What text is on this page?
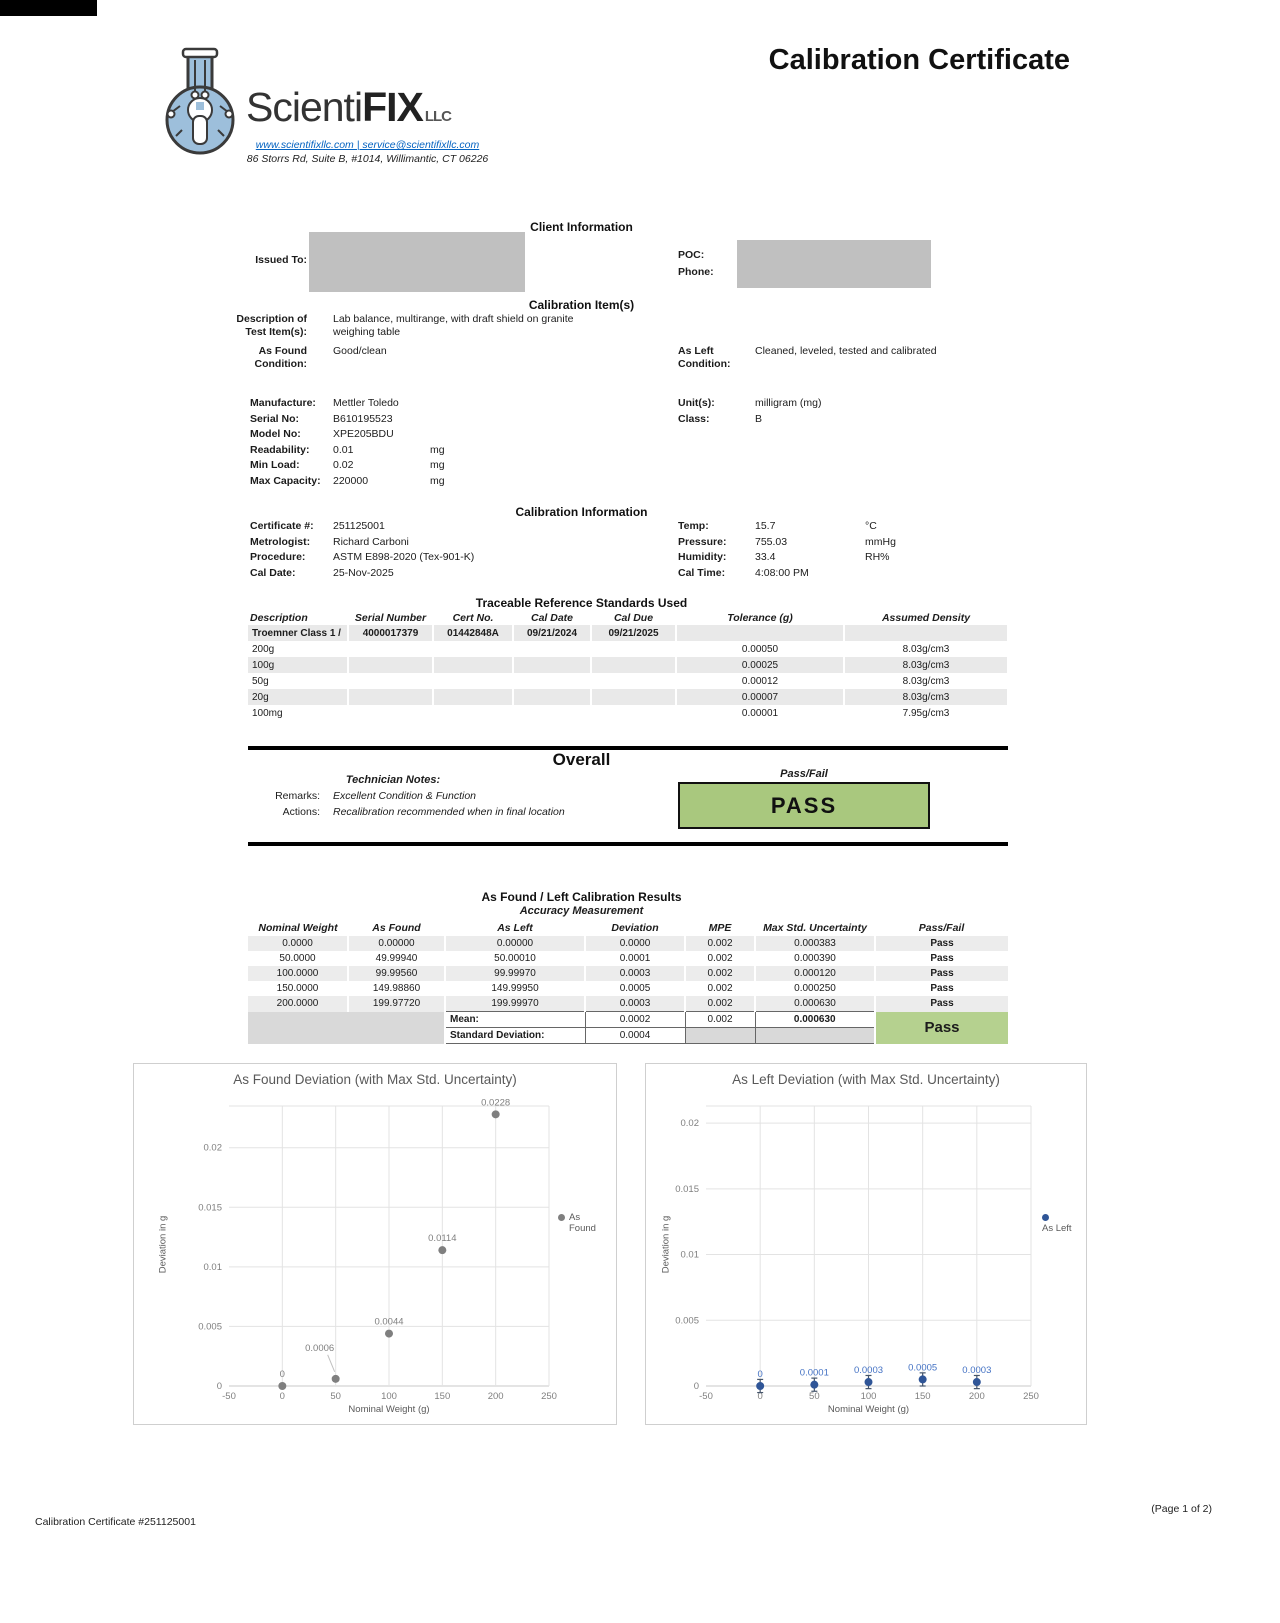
ScientiFIX LLC
www.scientifixllc.com | service@scientifixllc.com
86 Storrs Rd, Suite B, #1014, Willimantic, CT 06226
Calibration Certificate
Client Information
Issued To:	POC:
Phone:
Calibration Item(s)
Description of Test Item(s):
Lab balance, multirange, with draft shield on granite weighing table
As Found Condition:
Good/clean	As Left Condition:
Cleaned, leveled, tested and calibrated
Manufacture: Mettler Toledo	Unit(s):	milligram (mg)
Serial No:	B610195523	Class:	B
Model No:	XPE205BDU
Readability: 0.01	mg
Min Load:	0.02	mg
Max Capacity: 220000	mg
Calibration Information
Certificate #: 251125001	Temp:	15.7	°C
Metrologist: Richard Carboni	Pressure:	755.03	mmHg
Procedure:	ASTM E898-2020 (Tex-901-K)	Humidity:	33.4	RH%
Cal Date:	25-Nov-2025	Cal Time:	4:08:00 PM
Traceable Reference Standards Used
Description	Serial Number	Cert No.	Cal Date	Cal Due	Tolerance (g)	Assumed Density
Troemner Class 1 /	4000017379	01442848A	09/21/2024	09/21/2025		
200g					0.00050	8.03g/cm3
100g					0.00025	8.03g/cm3
50g					0.00012	8.03g/cm3
20g					0.00007	8.03g/cm3
100mg					0.00001	7.95g/cm3
Overall
Technician Notes:	Pass/Fail
Remarks: Excellent Condition & Function
Actions: Recalibration recommended when in final location	PASS
As Found / Left Calibration Results
Accuracy Measurement
Nominal Weight	As Found	As Left	Deviation	MPE	Max Std. Uncertainty	Pass/Fail
0.0000	0.00000	0.00000	0.0000	0.002	0.000383	Pass
50.0000	49.99940	50.00010	0.0001	0.002	0.000390	Pass
100.0000	99.99560	99.99970	0.0003	0.002	0.000120	Pass
150.0000	149.98860	149.99950	0.0005	0.002	0.000250	Pass
200.0000	199.97720	199.99970	0.0003	0.002	0.000630	Pass
		Mean:	0.0002	0.002	0.000630	Pass
		Standard Deviation:	0.0004			
As Found Deviation (with Max Std. Uncertainty)
0
0.005
0.01
0.015
0.02
-50	0	50	100	150	200	250
0
0.0006
0.0044
0.0114
0.0228
Deviation in g
Nominal Weight (g)
As Found
As Left Deviation (with Max Std. Uncertainty)
0
0.005
0.01
0.015
0.02
-50	0	50	100	150	200	250
0	0.0001	0.0003	0.0005	0.0003
Deviation in g
Nominal Weight (g)
As Left
Calibration Certificate #251125001
(Page 1 of 2)
